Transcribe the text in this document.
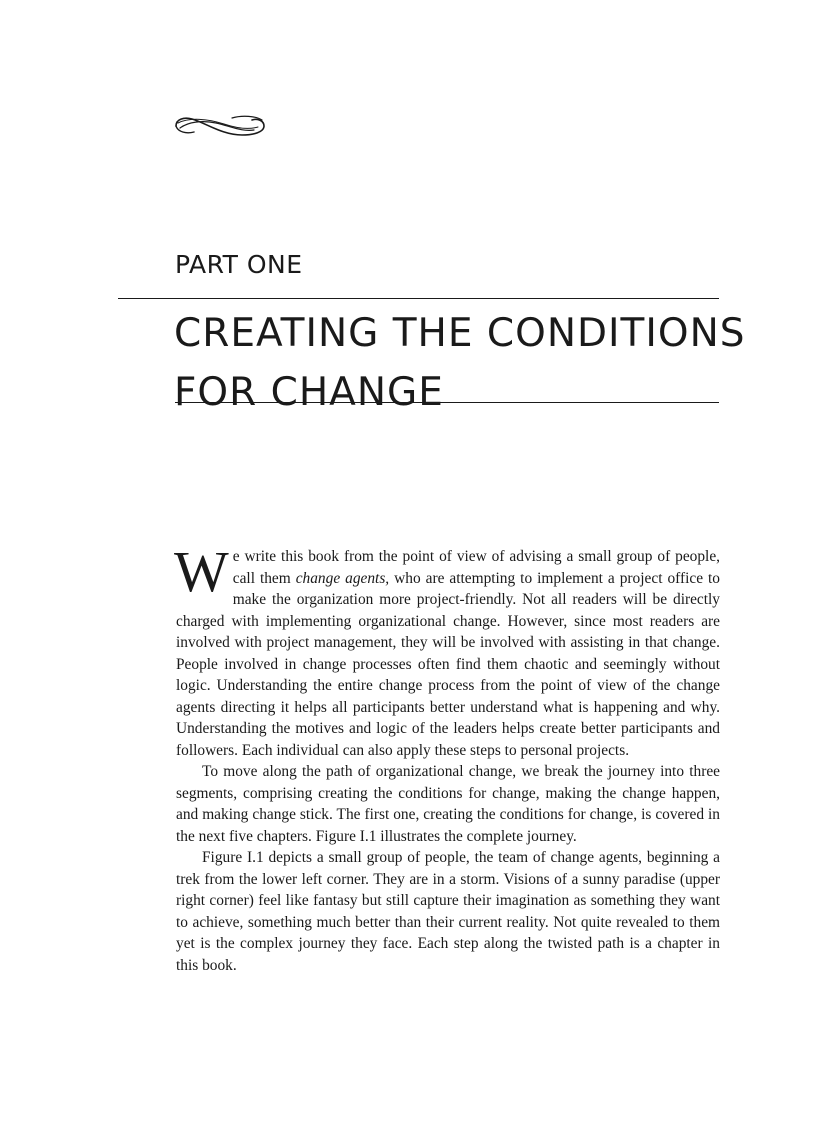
PART ONE
CREATING THE CONDITIONS
FOR CHANGE

We write this book from the point of view of advising a small group of people, call them change agents, who are attempting to implement a project office to make the organization more project-friendly. Not all readers will be directly charged with implementing organizational change. However, since most readers are involved with project management, they will be involved with assisting in that change. People involved in change processes often find them chaotic and seemingly without logic. Understanding the entire change process from the point of view of the change agents directing it helps all participants better understand what is happening and why. Understanding the motives and logic of the leaders helps create better participants and followers. Each individual can also apply these steps to personal projects.

To move along the path of organizational change, we break the journey into three segments, comprising creating the conditions for change, making the change happen, and making change stick. The first one, creating the conditions for change, is covered in the next five chapters. Figure I.1 illustrates the complete journey.

Figure I.1 depicts a small group of people, the team of change agents, beginning a trek from the lower left corner. They are in a storm. Visions of a sunny paradise (upper right corner) feel like fantasy but still capture their imagination as something they want to achieve, something much better than their current reality. Not quite revealed to them yet is the complex journey they face. Each step along the twisted path is a chapter in this book.
